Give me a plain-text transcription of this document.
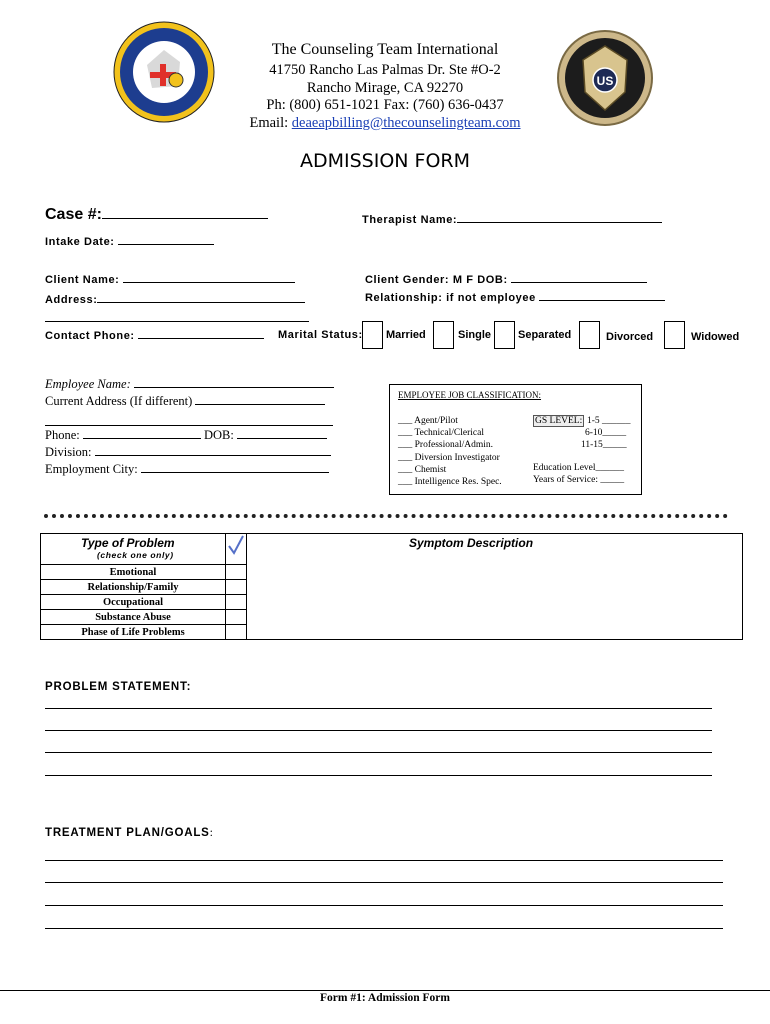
US
The Counseling Team International
41750 Rancho Las Palmas Dr. Ste #O-2
Rancho Mirage, CA 92270
Ph: (800) 651-1021 Fax: (760) 636-0437
Email: deaeapbilling@thecounselingteam.com
ADMISSION FORM
Case #:	Therapist Name:
Intake Date:
Client Name:	Client Gender: M F DOB:
Address:	Relationship: if not employee
Contact Phone:	Marital Status: Married	Single Separated	Divorced	Widowed
Employee Name:
Current Address (If different)
Phone:	DOB:
Division:
Employment City:
EMPLOYEE JOB CLASSIFICATION:
___ Agent/Pilot
___ Technical/Clerical
___ Professional/Admin.
___ Diversion Investigator
___ Chemist
___ Intelligence Res. Spec.
GS LEVEL: 1-5 ______
6-10_____
11-15_____
Education Level______
Years of Service: _____
Type of Problem
(check one only)		Symptom Description

Emotional		
Relationship/Family		
Occupational		
Substance Abuse		
Phase of Life Problems		
PROBLEM STATEMENT:
TREATMENT PLAN/GOALS:
Form #1: Admission Form
